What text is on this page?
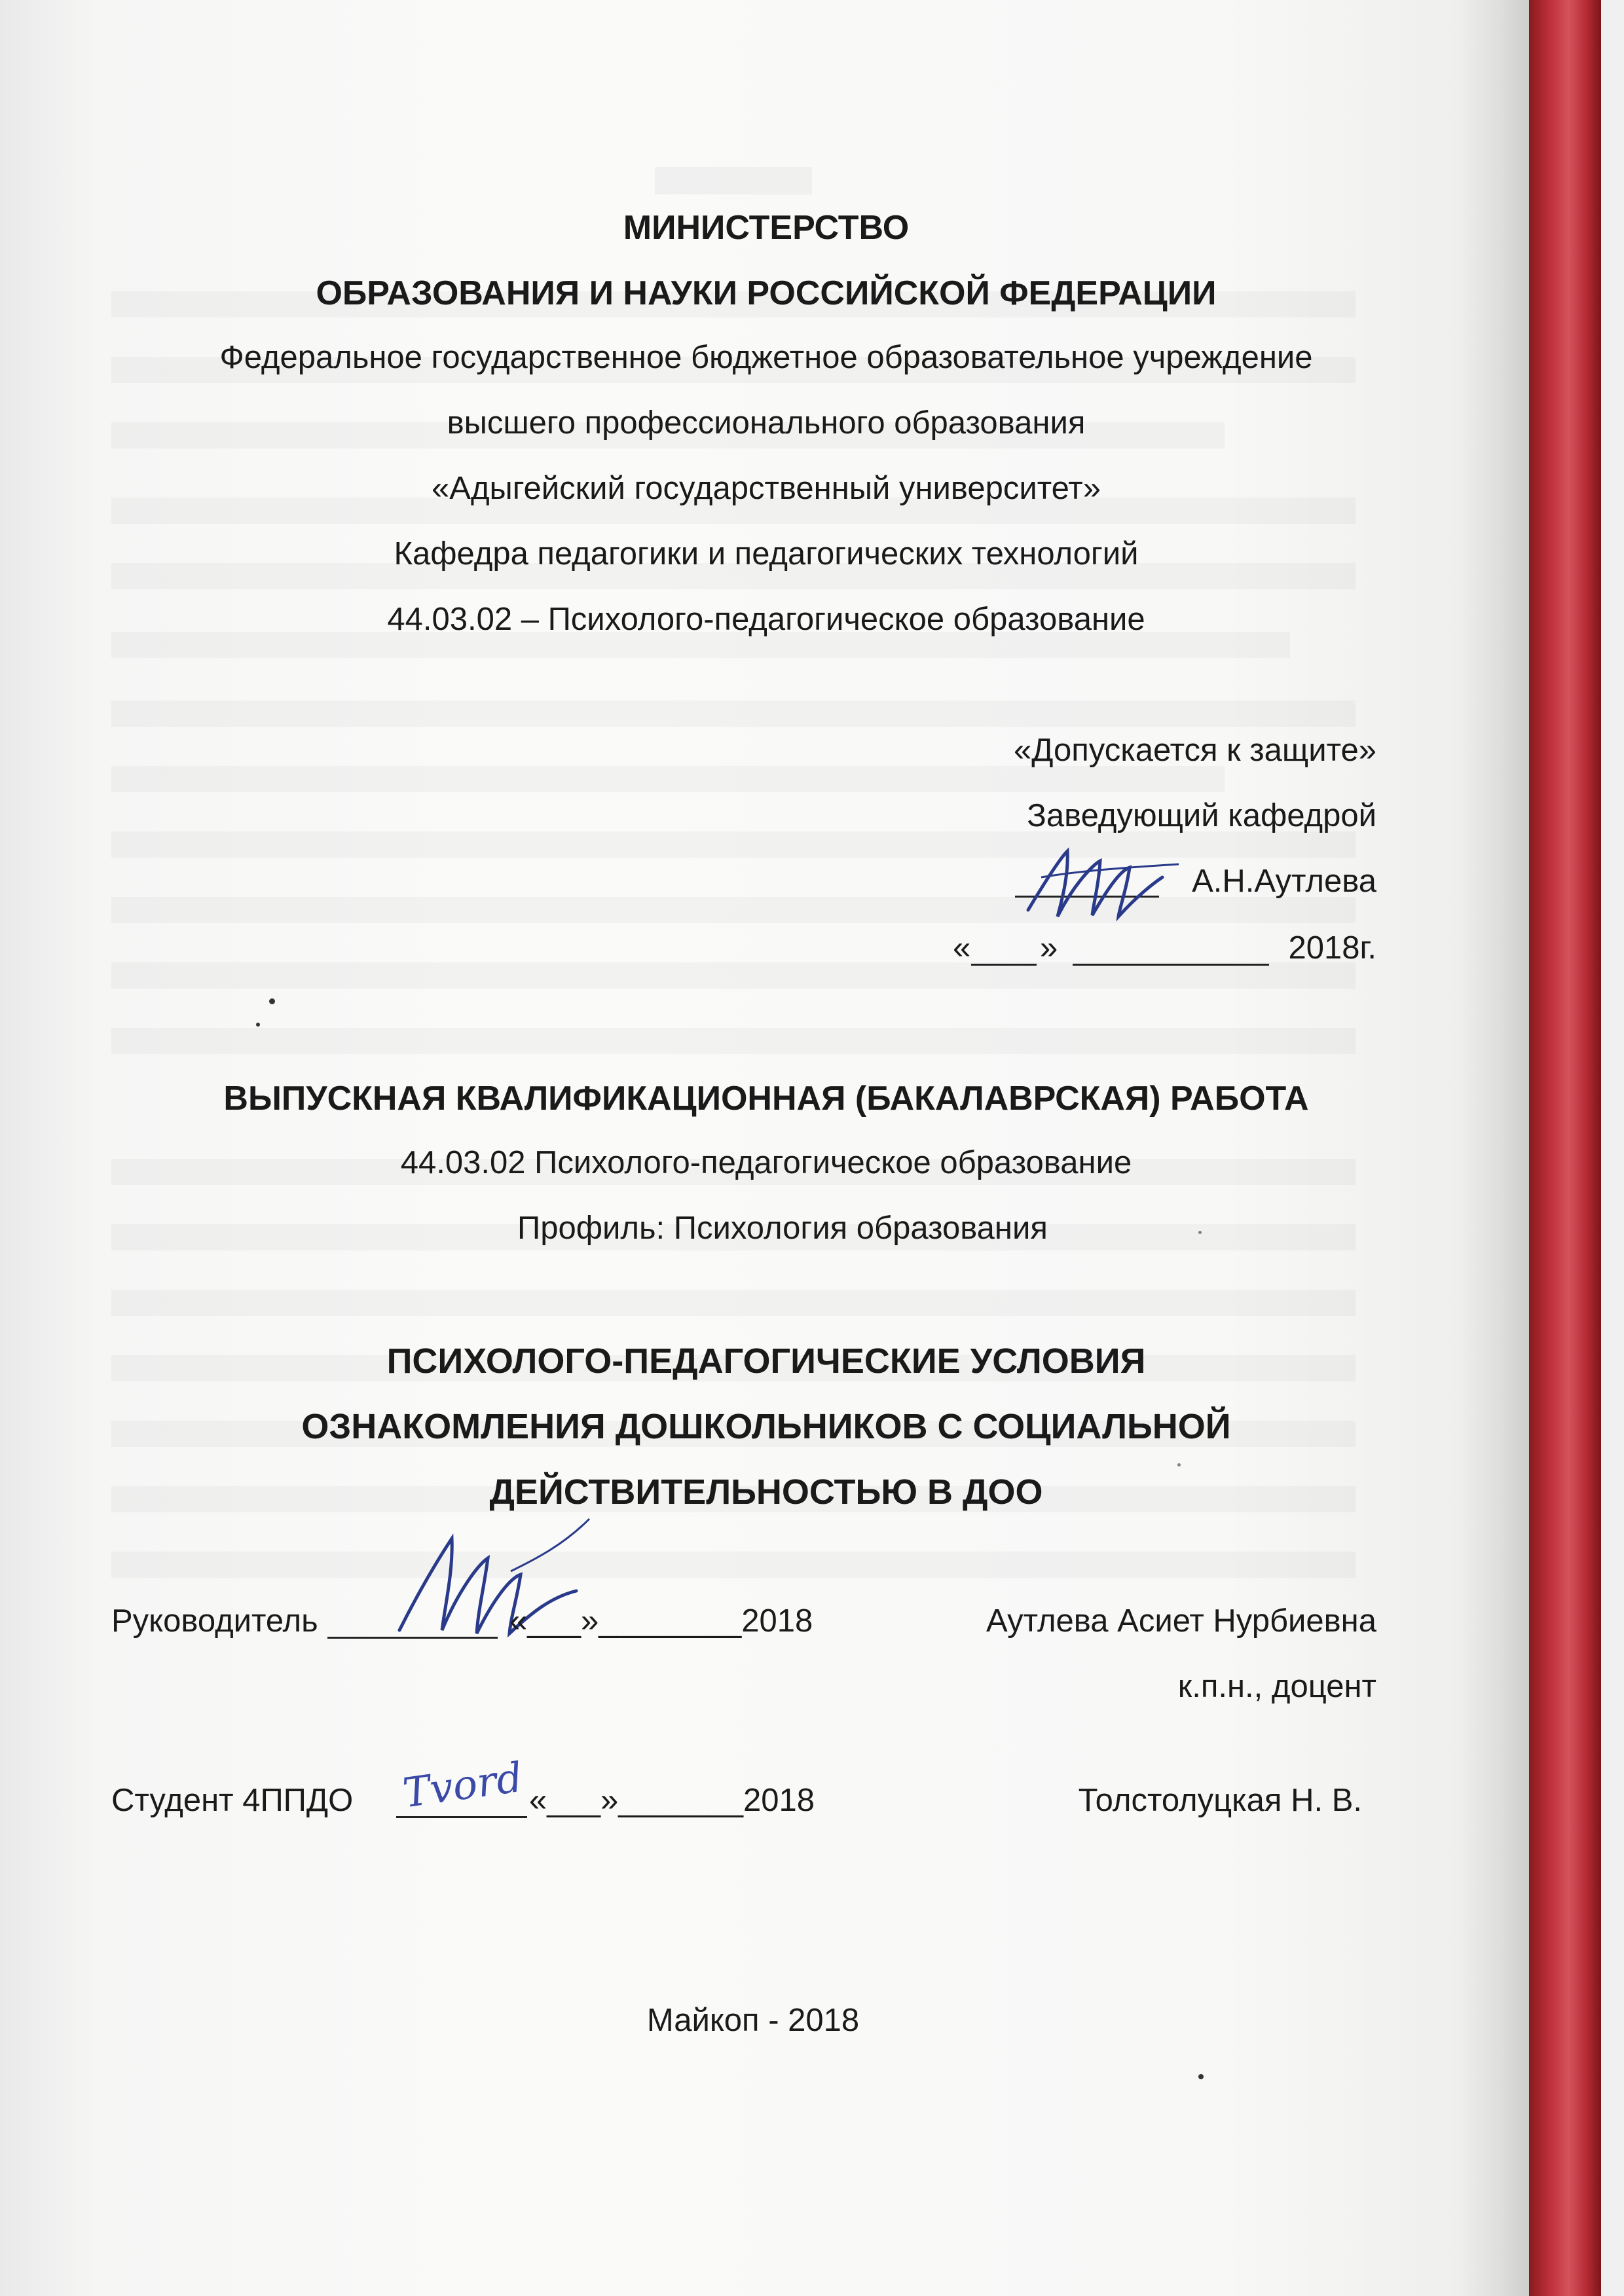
МИНИСТЕРСТВО
ОБРАЗОВАНИЯ И НАУКИ РОССИЙСКОЙ ФЕДЕРАЦИИ
Федеральное государственное бюджетное образовательное учреждение
высшего профессионального образования
«Адыгейский государственный университет»
Кафедра педагогики и педагогических технологий
44.03.02 – Психолого-педагогическое образование
«Допускается к защите»
Заведующий кафедрой
А.Н.Аутлева
« »	2018г.
ВЫПУСКНАЯ КВАЛИФИКАЦИОННАЯ (БАКАЛАВРСКАЯ) РАБОТА
44.03.02 Психолого-педагогическое образование
Профиль: Психология образования
ПСИХОЛОГО-ПЕДАГОГИЧЕСКИЕ УСЛОВИЯ
ОЗНАКОМЛЕНИЯ ДОШКОЛЬНИКОВ С СОЦИАЛЬНОЙ
ДЕЙСТВИТЕЛЬНОСТЬЮ В ДОО
Руководитель	«___»________2018	Аутлева Асиет Нурбиевна
к.п.н., доцент
Студент 4ППДО Tvord «___»_______2018	Толстолуцкая Н. В.
Майкоп - 2018
